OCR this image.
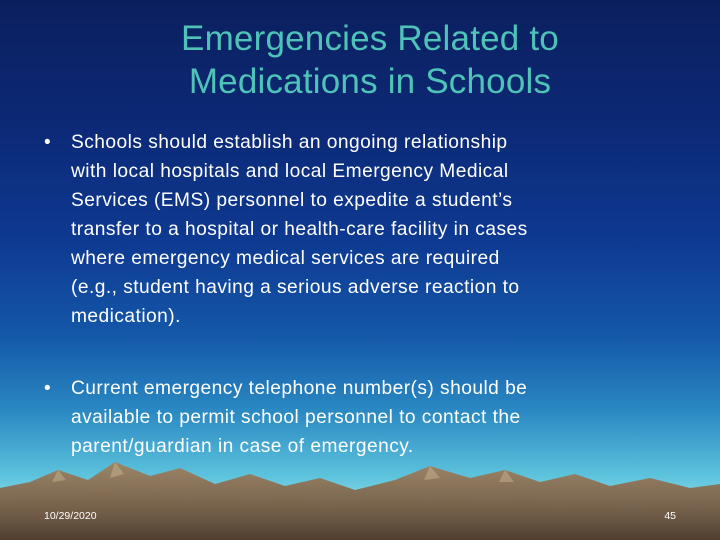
Emergencies Related to
Medications in Schools
•	Schools should establish an ongoing relationship
with local hospitals and local Emergency Medical
Services (EMS) personnel to expedite a student’s
transfer to a hospital or health-care facility in cases
where emergency medical services are required
(e.g., student having a serious adverse reaction to
medication).
•	Current emergency telephone number(s) should be
available to permit school personnel to contact the
parent/guardian in case of emergency.
10/29/2020	45
